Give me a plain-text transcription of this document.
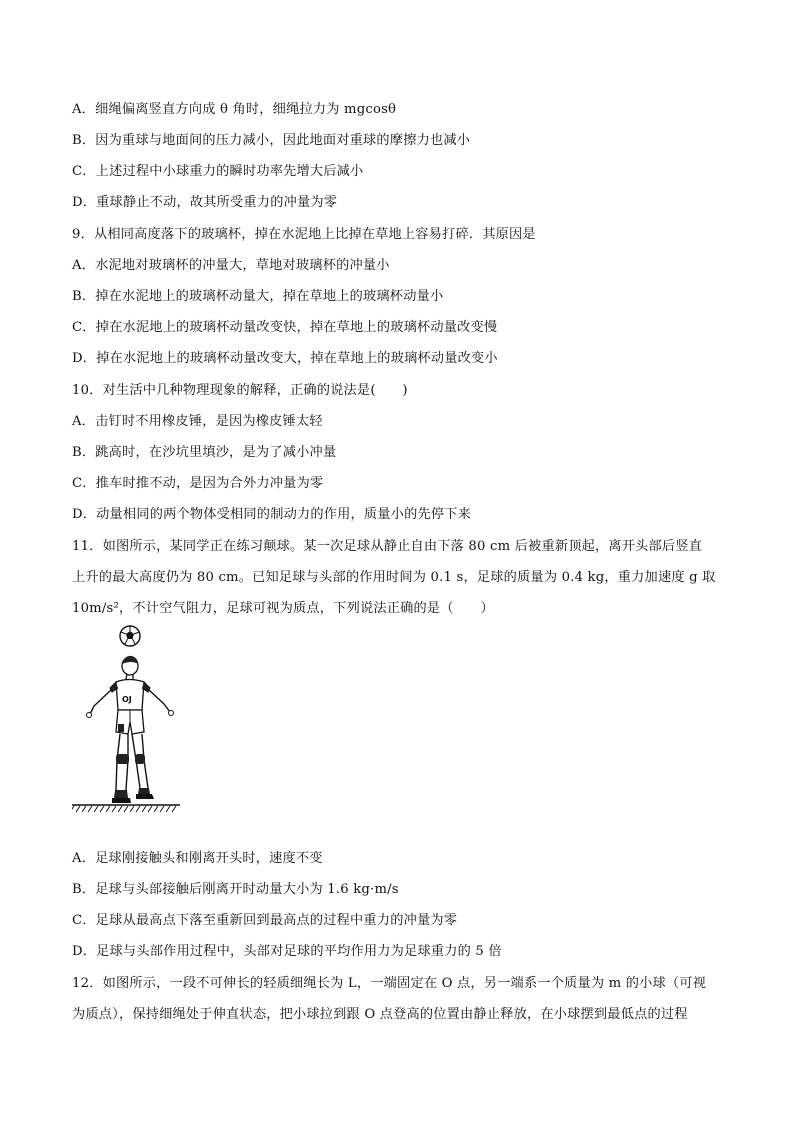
A．细绳偏离竖直方向成 θ 角时，细绳拉力为 mgcosθ
B．因为重球与地面间的压力减小，因此地面对重球的摩擦力也减小
C．上述过程中小球重力的瞬时功率先增大后减小
D．重球静止不动，故其所受重力的冲量为零
9．从相同高度落下的玻璃杯，掉在水泥地上比掉在草地上容易打碎．其原因是
A．水泥地对玻璃杯的冲量大，草地对玻璃杯的冲量小
B．掉在水泥地上的玻璃杯动量大，掉在草地上的玻璃杯动量小
C．掉在水泥地上的玻璃杯动量改变快，掉在草地上的玻璃杯动量改变慢
D．掉在水泥地上的玻璃杯动量改变大，掉在草地上的玻璃杯动量改变小
10．对生活中几种物理现象的解释，正确的说法是(　　)
A．击钉时不用橡皮锤，是因为橡皮锤太轻
B．跳高时，在沙坑里填沙，是为了减小冲量
C．推车时推不动，是因为合外力冲量为零
D．动量相同的两个物体受相同的制动力的作用，质量小的先停下来
11．如图所示，某同学正在练习颠球。某一次足球从静止自由下落 80 cm 后被重新顶起，离开头部后竖直
上升的最大高度仍为 80 cm。已知足球与头部的作用时间为 0.1 s，足球的质量为 0.4 kg，重力加速度 g 取
10m/s²，不计空气阻力，足球可视为质点，下列说法正确的是（　　）
OJ
A．足球刚接触头和刚离开头时，速度不变
B．足球与头部接触后刚离开时动量大小为 1.6 kg·m/s
C．足球从最高点下落至重新回到最高点的过程中重力的冲量为零
D．足球与头部作用过程中，头部对足球的平均作用力为足球重力的 5 倍
12．如图所示，一段不可伸长的轻质细绳长为 L，一端固定在 O 点，另一端系一个质量为 m 的小球（可视
为质点），保持细绳处于伸直状态，把小球拉到跟 O 点登高的位置由静止释放，在小球摆到最低点的过程
